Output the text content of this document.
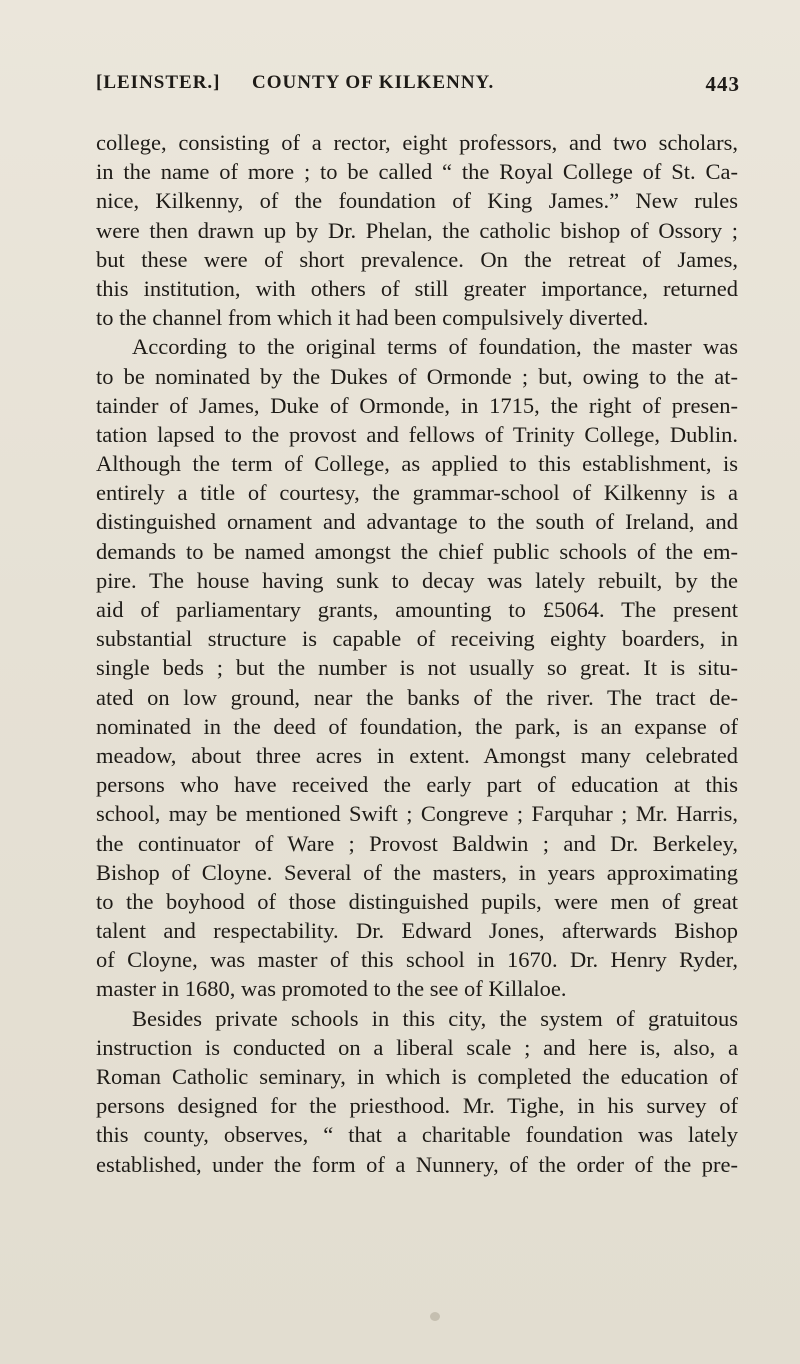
[LEINSTER.] COUNTY OF KILKENNY.	443
college, consisting of a rector, eight professors, and two scholars,
in the name of more ; to be called “ the Royal College of St. Ca-
nice, Kilkenny, of the foundation of King James.” New rules
were then drawn up by Dr. Phelan, the catholic bishop of Ossory ;
but these were of short prevalence. On the retreat of James,
this institution, with others of still greater importance, returned
to the channel from which it had been compulsively diverted.
According to the original terms of foundation, the master was
to be nominated by the Dukes of Ormonde ; but, owing to the at-
tainder of James, Duke of Ormonde, in 1715, the right of presen-
tation lapsed to the provost and fellows of Trinity College, Dublin.
Although the term of College, as applied to this establishment, is
entirely a title of courtesy, the grammar-school of Kilkenny is a
distinguished ornament and advantage to the south of Ireland, and
demands to be named amongst the chief public schools of the em-
pire. The house having sunk to decay was lately rebuilt, by the
aid of parliamentary grants, amounting to £5064. The present
substantial structure is capable of receiving eighty boarders, in
single beds ; but the number is not usually so great. It is situ-
ated on low ground, near the banks of the river. The tract de-
nominated in the deed of foundation, the park, is an expanse of
meadow, about three acres in extent. Amongst many celebrated
persons who have received the early part of education at this
school, may be mentioned Swift ; Congreve ; Farquhar ; Mr. Harris,
the continuator of Ware ; Provost Baldwin ; and Dr. Berkeley,
Bishop of Cloyne. Several of the masters, in years approximating
to the boyhood of those distinguished pupils, were men of great
talent and respectability. Dr. Edward Jones, afterwards Bishop
of Cloyne, was master of this school in 1670. Dr. Henry Ryder,
master in 1680, was promoted to the see of Killaloe.
Besides private schools in this city, the system of gratuitous
instruction is conducted on a liberal scale ; and here is, also, a
Roman Catholic seminary, in which is completed the education of
persons designed for the priesthood. Mr. Tighe, in his survey of
this county, observes, “ that a charitable foundation was lately
established, under the form of a Nunnery, of the order of the pre-
